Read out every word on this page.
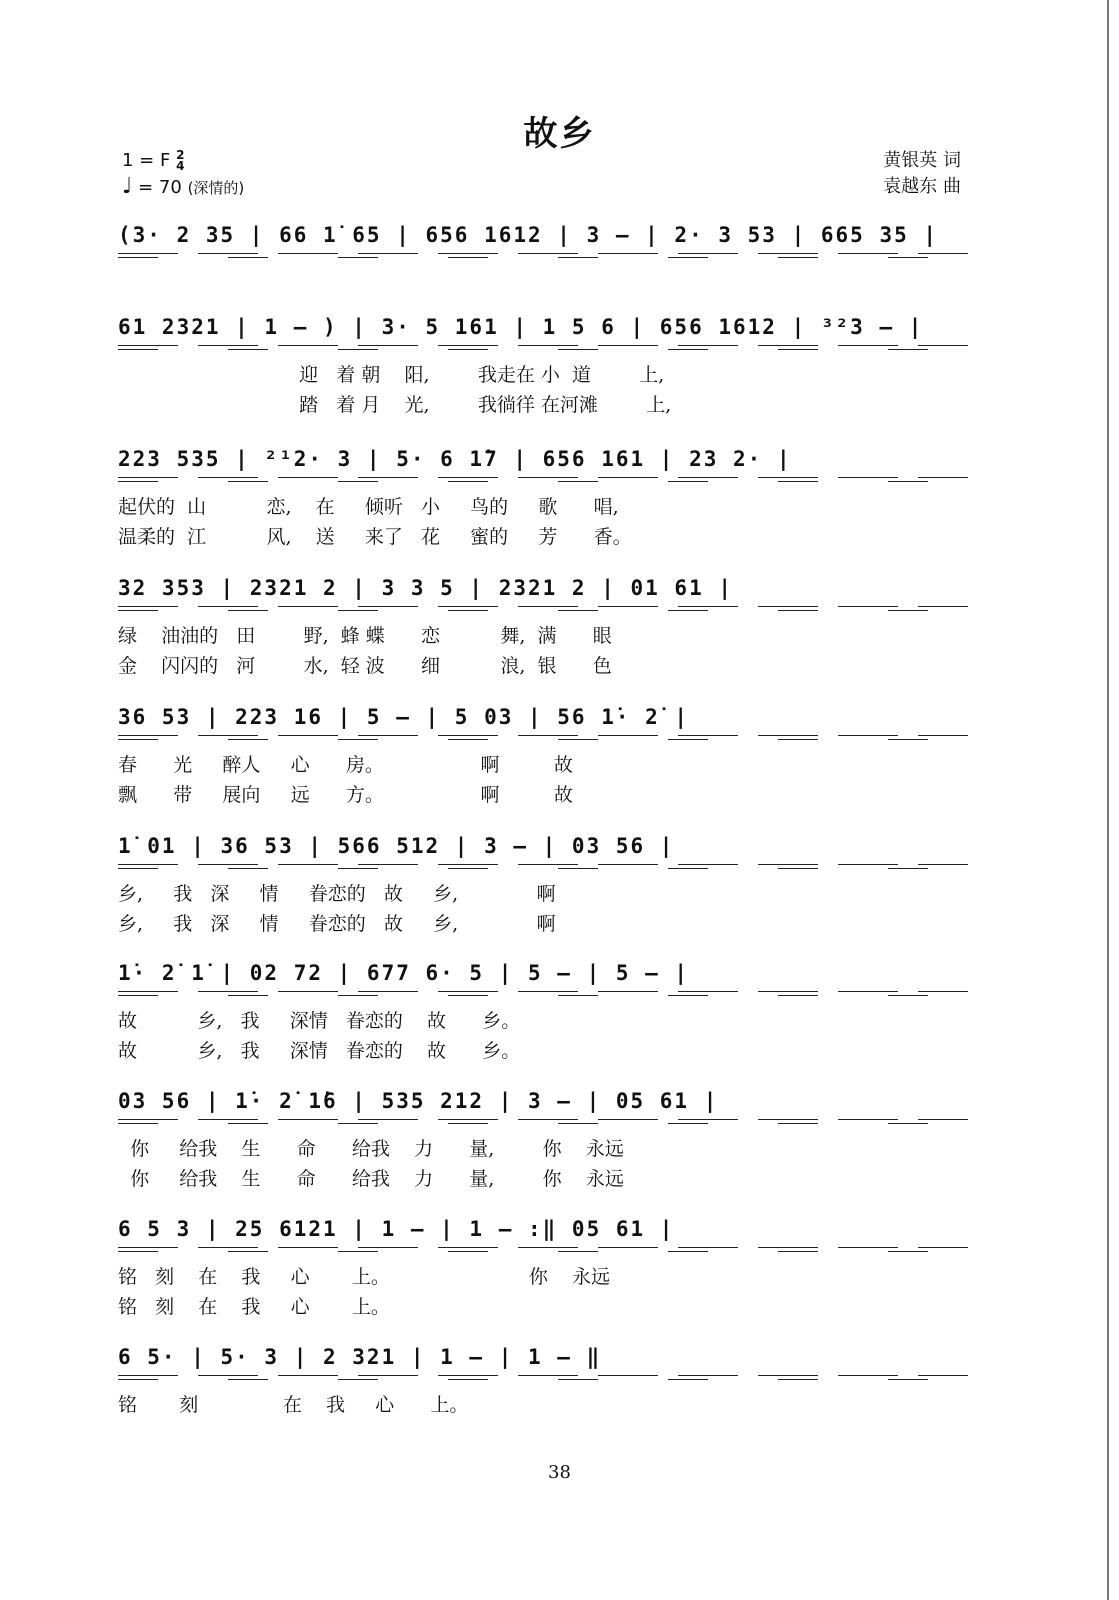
故乡
1 = F 2
4
♩ = 70 (深情的)
黄银英 词
袁越东 曲
(3· 2 35 | 66 1̇ 65 | 656 1612 | 3 – | 2· 3 53 | 665 35 |
61 2321 | 1 – ) | 3· 5 161 | 1 5 6 | 656 1612 | ³²3 – |
迎   着 朝    阳,        我走在 小  道        上,
踏   着 月    光,        我徜徉 在河滩        上,
223 535 | ²¹2· 3 | 5· 6 1̇7 | 656 161 | 23 2· |
起伏的  山          恋,    在     倾听   小     鸟的     歌      唱,
温柔的  江          风,    送     来了   花     蜜的     芳      香。
32 353 | 2321 2 | 3 3 5 | 2321 2 | 01 61 |
绿    油油的   田        野,  蜂 蝶      恋          舞,  满      眼
金    闪闪的   河        水,  轻 波      细          浪,  银      色
36 53 | 223 16 | 5 – | 5 03 | 56 1̇· 2̇ |
春      光     醉人     心      房。                啊         故
飘      带     展向     远      方。                啊         故
1̇ 01 | 36 53 | 566 512 | 3 – | 03 56 |
乡,     我   深     情     眷恋的   故     乡,             啊
乡,     我   深     情     眷恋的   故     乡,             啊
1̇· 2̇ 1̇ | 02 72 | 677 6· 5 | 5 – | 5 – |
故          乡,   我     深情   眷恋的    故      乡。
故          乡,   我     深情   眷恋的    故      乡。
03 56 | 1̇· 2̇ 1̇6 | 535 212 | 3 – | 05 61 |
你     给我    生      命      给我    力      量,        你    永远
你     给我    生      命      给我    力      量,        你    永远
6 5 3 | 25 6121 | 1 – | 1 – :‖ 05 61 |
铭   刻    在    我     心       上。                       你    永远
铭   刻    在    我     心       上。
6 5· | 5· 3 | 2 321 | 1 – | 1 – ‖
铭       刻              在    我     心      上。
38
